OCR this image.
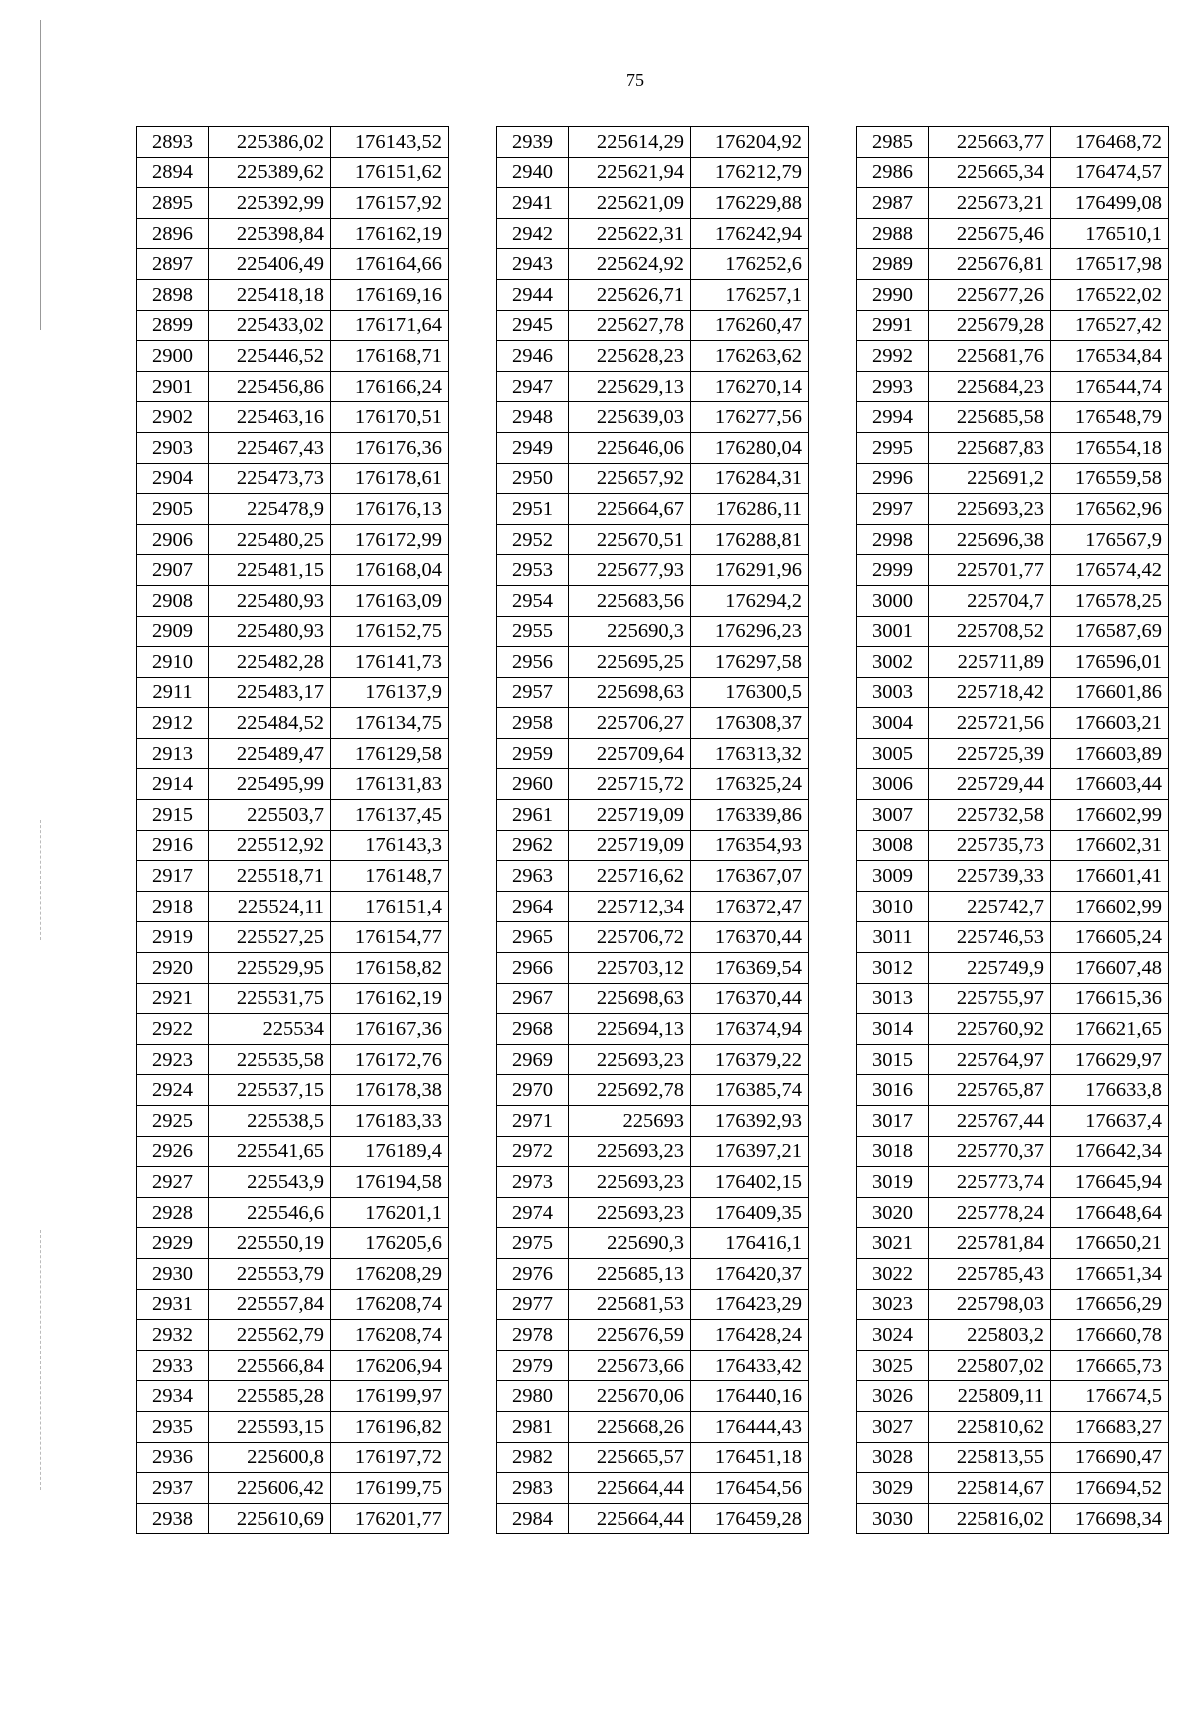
75
2893	225386,02	176143,52
2894	225389,62	176151,62
2895	225392,99	176157,92
2896	225398,84	176162,19
2897	225406,49	176164,66
2898	225418,18	176169,16
2899	225433,02	176171,64
2900	225446,52	176168,71
2901	225456,86	176166,24
2902	225463,16	176170,51
2903	225467,43	176176,36
2904	225473,73	176178,61
2905	225478,9	176176,13
2906	225480,25	176172,99
2907	225481,15	176168,04
2908	225480,93	176163,09
2909	225480,93	176152,75
2910	225482,28	176141,73
2911	225483,17	176137,9
2912	225484,52	176134,75
2913	225489,47	176129,58
2914	225495,99	176131,83
2915	225503,7	176137,45
2916	225512,92	176143,3
2917	225518,71	176148,7
2918	225524,11	176151,4
2919	225527,25	176154,77
2920	225529,95	176158,82
2921	225531,75	176162,19
2922	225534	176167,36
2923	225535,58	176172,76
2924	225537,15	176178,38
2925	225538,5	176183,33
2926	225541,65	176189,4
2927	225543,9	176194,58
2928	225546,6	176201,1
2929	225550,19	176205,6
2930	225553,79	176208,29
2931	225557,84	176208,74
2932	225562,79	176208,74
2933	225566,84	176206,94
2934	225585,28	176199,97
2935	225593,15	176196,82
2936	225600,8	176197,72
2937	225606,42	176199,75
2938	225610,69	176201,77
2939	225614,29	176204,92
2940	225621,94	176212,79
2941	225621,09	176229,88
2942	225622,31	176242,94
2943	225624,92	176252,6
2944	225626,71	176257,1
2945	225627,78	176260,47
2946	225628,23	176263,62
2947	225629,13	176270,14
2948	225639,03	176277,56
2949	225646,06	176280,04
2950	225657,92	176284,31
2951	225664,67	176286,11
2952	225670,51	176288,81
2953	225677,93	176291,96
2954	225683,56	176294,2
2955	225690,3	176296,23
2956	225695,25	176297,58
2957	225698,63	176300,5
2958	225706,27	176308,37
2959	225709,64	176313,32
2960	225715,72	176325,24
2961	225719,09	176339,86
2962	225719,09	176354,93
2963	225716,62	176367,07
2964	225712,34	176372,47
2965	225706,72	176370,44
2966	225703,12	176369,54
2967	225698,63	176370,44
2968	225694,13	176374,94
2969	225693,23	176379,22
2970	225692,78	176385,74
2971	225693	176392,93
2972	225693,23	176397,21
2973	225693,23	176402,15
2974	225693,23	176409,35
2975	225690,3	176416,1
2976	225685,13	176420,37
2977	225681,53	176423,29
2978	225676,59	176428,24
2979	225673,66	176433,42
2980	225670,06	176440,16
2981	225668,26	176444,43
2982	225665,57	176451,18
2983	225664,44	176454,56
2984	225664,44	176459,28
2985	225663,77	176468,72
2986	225665,34	176474,57
2987	225673,21	176499,08
2988	225675,46	176510,1
2989	225676,81	176517,98
2990	225677,26	176522,02
2991	225679,28	176527,42
2992	225681,76	176534,84
2993	225684,23	176544,74
2994	225685,58	176548,79
2995	225687,83	176554,18
2996	225691,2	176559,58
2997	225693,23	176562,96
2998	225696,38	176567,9
2999	225701,77	176574,42
3000	225704,7	176578,25
3001	225708,52	176587,69
3002	225711,89	176596,01
3003	225718,42	176601,86
3004	225721,56	176603,21
3005	225725,39	176603,89
3006	225729,44	176603,44
3007	225732,58	176602,99
3008	225735,73	176602,31
3009	225739,33	176601,41
3010	225742,7	176602,99
3011	225746,53	176605,24
3012	225749,9	176607,48
3013	225755,97	176615,36
3014	225760,92	176621,65
3015	225764,97	176629,97
3016	225765,87	176633,8
3017	225767,44	176637,4
3018	225770,37	176642,34
3019	225773,74	176645,94
3020	225778,24	176648,64
3021	225781,84	176650,21
3022	225785,43	176651,34
3023	225798,03	176656,29
3024	225803,2	176660,78
3025	225807,02	176665,73
3026	225809,11	176674,5
3027	225810,62	176683,27
3028	225813,55	176690,47
3029	225814,67	176694,52
3030	225816,02	176698,34
